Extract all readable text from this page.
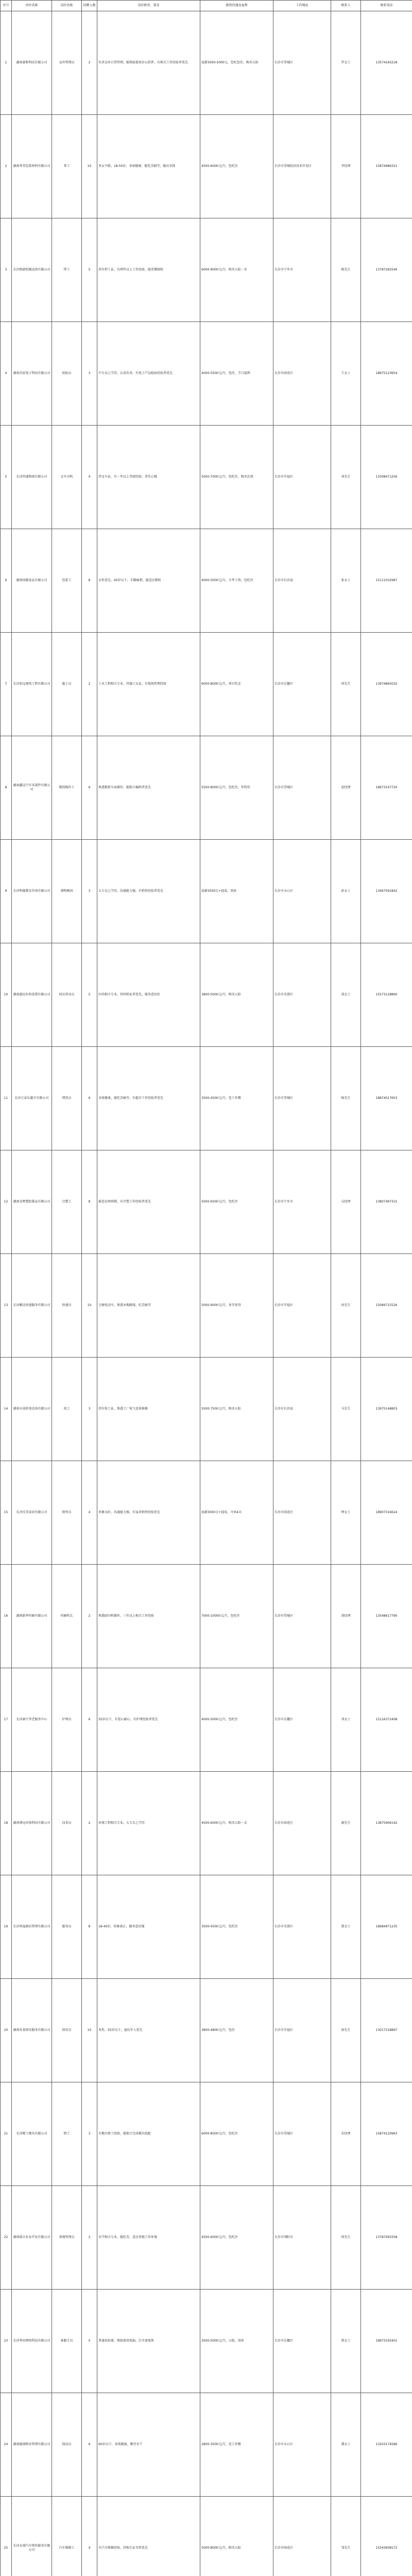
序号	单位名称	岗位名称	招聘人数	岗位职责、要求	薪资待遇及福利	工作地址	联系人	联系电话
1	湖南嘉和科技有限公司	仓库管理员	2	负责仓库日常管理，能熟练使用办公软件，有相关工作经验者优先	底薪3000-5000元，包吃包住，购买五险	长沙市望城区	罗女士	13574165218
2	湖南华美包装材料有限公司	普工	10	男女不限，18-50岁，身体健康，能吃苦耐劳，服从安排	4500-6000元/月，包吃住	长沙市望城经济技术开发区	李经理	15874986321
3	长沙凯旋机械设备有限公司	焊工	5	持有焊工证，有两年以上工作经验，能看懂图纸	6000-9000元/月，购买五险一金	长沙市宁乡市	陈先生	13787265540
4	湖南星辰电子科技有限公司	质检员	3	中专以上学历，认真负责，有电子产品检验经验者优先	4000-5500元/月，包住，节日福利	长沙市雨花区	王女士	18975123654
5	长沙恒通物流有限公司	叉车司机	4	持叉车证，有一年以上驾驶经验，责任心强	5000-7000元/月，包吃住，购买社保	长沙市开福区	刘先生	13308471256
6	湖南绿源食品有限公司	包装工	8	女性优先，45岁以下，手脚麻利，能适应倒班	4000-5000元/月，计件工资，包吃住	长沙市长沙县	张女士	15111032987
7	长沙宏远建筑工程有限公司	施工员	2	土木工程相关专业，持施工员证，有现场管理经验	6000-8000元/月，项目奖金	长沙市岳麓区	周先生	13974865032
8	湖南鑫达汽车零部件有限公司	数控操作工	6	熟悉数控车床操作，能独立编程者优先	5500-8000元/月，包吃住，年终奖	长沙市望城区	赵经理	18673147720
9	长沙明德教育咨询有限公司	课程顾问	3	大专以上学历，沟通能力强，有销售经验者优先	底薪3500元+提成，双休	长沙市天心区	彭女士	13467591842
10	湖南惠民医药连锁有限公司	药店营业员	5	医药相关专业，持药师证者优先，服务意识好	3800-5000元/月，购买五险	长沙市芙蓉区	黄女士	15573128860
11	长沙万家乐超市有限公司	理货员	6	身体健康，能吃苦耐劳，有超市工作经验者优先	3500-4500元/月，包工作餐	长沙市望城区	杨先生	18874017653
12	湖南金辉塑胶制品有限公司	注塑工	8	能适应两班倒，有注塑工作经验者优先	5000-6500元/月，包吃住	长沙市宁乡市	吴经理	13807497315
13	长沙顺达快递服务有限公司	快递员	10	会骑电动车，熟悉本地路线，吃苦耐劳	5000-9000元/月，多劳多得	长沙市开福区	孙先生	15084715526
14	湖南天成机电设备有限公司	电工	3	持有电工证，熟悉工厂电气设备维修	5500-7500元/月，购买五险	长沙市长沙县	马先生	13975148803
15	长沙佳美家居有限公司	销售员	4	形象良好，沟通能力强，有家居销售经验优先	底薪3000元+提成，月休4天	长沙市雨花区	钟女士	18907316624
16	湖南新华印刷有限公司	印刷机长	2	熟悉胶印机操作，三年以上相关工作经验	7000-10000元/月，包吃住	长沙市望城区	胡经理	13548617790
17	长沙康宁养老服务中心	护理员	6	55岁以下，有爱心耐心，有护理经验者优先	4000-5000元/月，包吃住	长沙市岳麓区	邓女士	15116372408
18	湖南博远环保科技有限公司	技术员	2	环境工程相关专业，大专以上学历	4500-6000元/月，购买五险一金	长沙市雨花区	谢先生	13875906142
19	长沙鸿福酒店管理有限公司	服务员	8	18-40岁，形象端正，服务意识强	3500-4500元/月，包吃住	长沙市芙蓉区	曾女士	18684971235
20	湖南安泰保安服务有限公司	保安员	10	男性，55岁以下，退伍军人优先	3800-4800元/月，包住	长沙市开福区	唐先生	13017318897
21	长沙精工模具有限公司	钳工	3	有模具钳工经验，能独立完成模具装配	6000-8500元/月，包吃住	长沙市望城区	朱经理	15874120963
22	湖南瑞丰农业开发有限公司	基地管理员	2	农学相关专业，能吃苦，适应基地工作环境	4500-6000元/月，包吃住	长沙市浏阳市	徐先生	13787093358
23	长沙华讯网络科技有限公司	客服专员	5	普通话标准，熟练使用电脑，打字速度快	3500-5000元/月，五险，双休	长沙市岳麓区	蒋女士	18973165401
24	湖南德盛物业管理有限公司	保洁员	6	60岁以下，身体健康，勤劳肯干	2800-3500元/月，包工作餐	长沙市天心区	龚女士	13203174586
25	长沙永盛汽车销售服务有限公司	汽车维修工	4	有汽车维修经验，持相关证书者优先	5000-8000元/月，购买五险	长沙市雨花区	邹先生	15243608172
